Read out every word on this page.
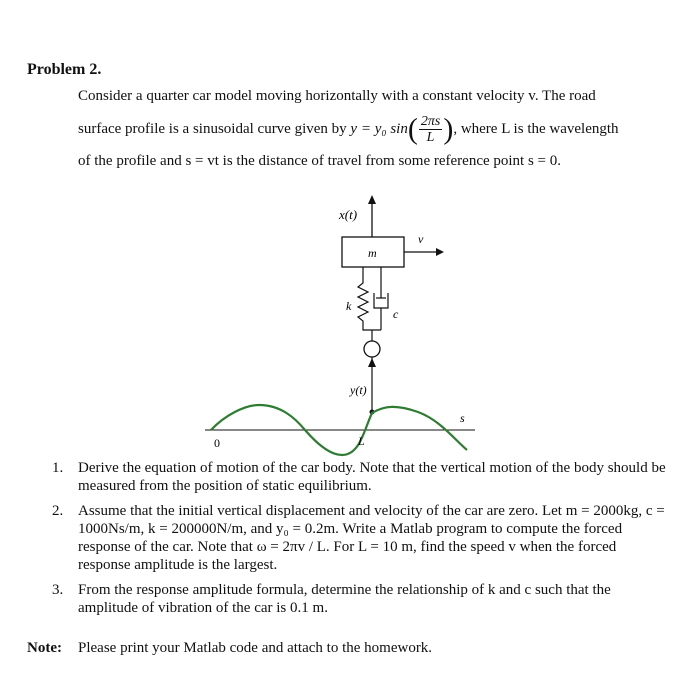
Problem 2.
Consider a quarter car model moving horizontally with a constant velocity v. The road
surface profile is a sinusoidal curve given by y = y₀ $\sin( \frac{2\pi s}{L}$ ), where L is the wavelength
of the profile and s = vt is the distance of travel from some reference point s = 0.
x(t)
m
v
k
c
y(t)
0	L
s
1. Derive the equation of motion of the car body. Note that the vertical motion of the body should be measured from the position of static equilibrium.
2. Assume that the initial vertical displacement and velocity of the car are zero. Let m = 2000kg, c = 1000Ns/m, k = 200000N/m, and y₀ = 0.2m. Write a Matlab program to compute the forced response of the car. Note that ω = 2πv / L. For L = 10 m, find the speed v when the forced response amplitude is the largest.
3. From the response amplitude formula, determine the relationship of k and c such that the amplitude of vibration of the car is 0.1 m.
Note: Please print your Matlab code and attach to the homework.
